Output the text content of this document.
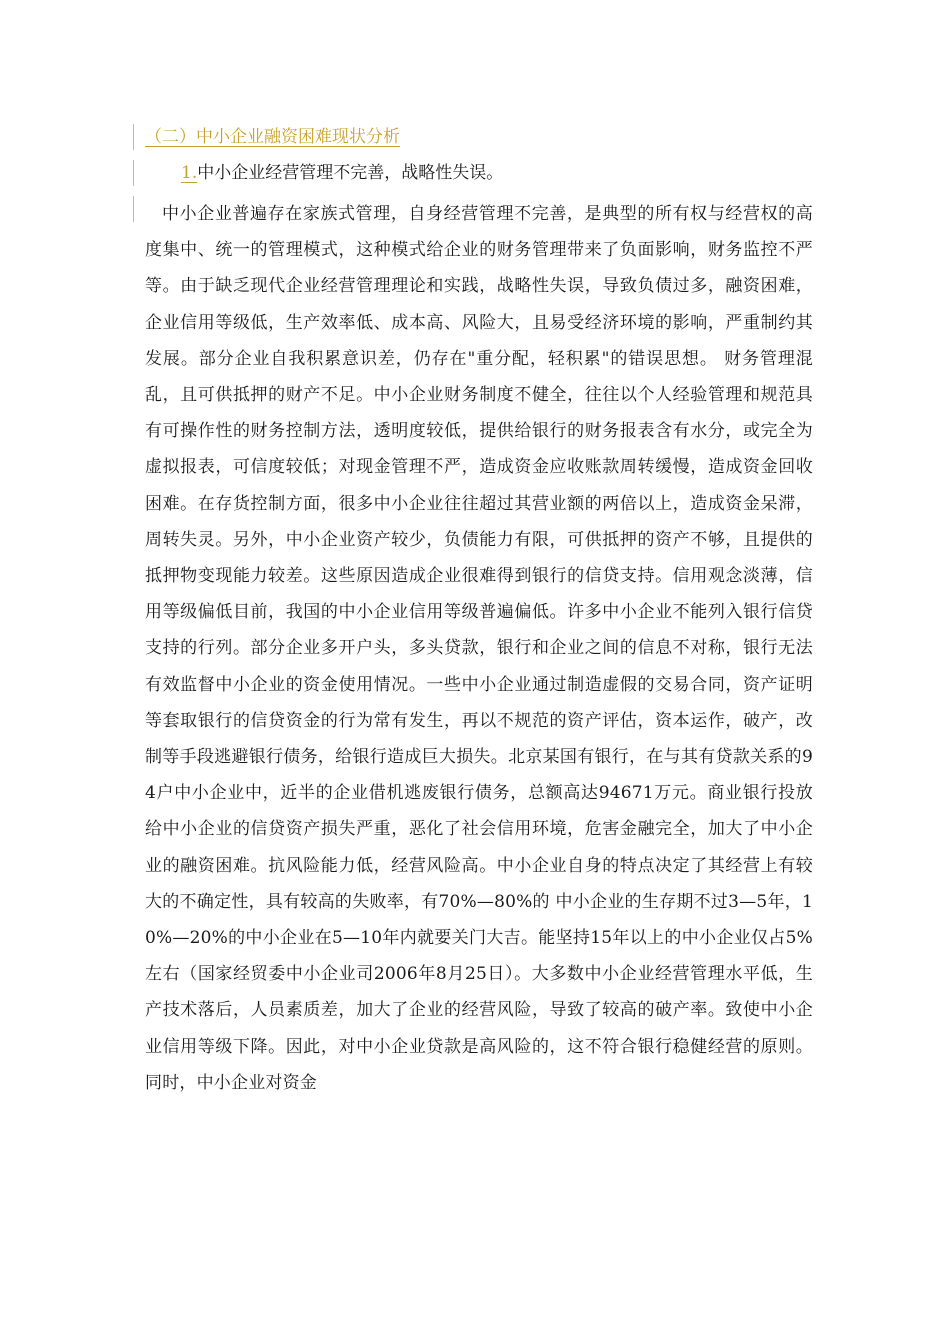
（二）中小企业融资困难现状分析
1.中小企业经营管理不完善，战略性失误。

中小企业普遍存在家族式管理，自身经营管理不完善，是典型的所有权与经营权的高度集中、统一的管理模式，这种模式给企业的财务管理带来了负面影响，财务监控不严等。由于缺乏现代企业经营管理理论和实践，战略性失误，导致负债过多，融资困难，企业信用等级低，生产效率低、成本高、风险大，且易受经济环境的影响，严重制约其发展。部分企业自我积累意识差，仍存在"重分配，轻积累"的错误思想。 财务管理混乱，且可供抵押的财产不足。中小企业财务制度不健全，往往以个人经验管理和规范具有可操作性的财务控制方法，透明度较低，提供给银行的财务报表含有水分，或完全为虚拟报表，可信度较低；对现金管理不严，造成资金应收账款周转缓慢，造成资金回收困难。在存货控制方面，很多中小企业往往超过其营业额的两倍以上，造成资金呆滞，周转失灵。另外，中小企业资产较少，负债能力有限，可供抵押的资产不够，且提供的抵押物变现能力较差。这些原因造成企业很难得到银行的信贷支持。信用观念淡薄，信用等级偏低目前，我国的中小企业信用等级普遍偏低。许多中小企业不能列入银行信贷支持的行列。部分企业多开户头，多头贷款，银行和企业之间的信息不对称，银行无法有效监督中小企业的资金使用情况。一些中小企业通过制造虚假的交易合同，资产证明等套取银行的信贷资金的行为常有发生，再以不规范的资产评估，资本运作，破产，改制等手段逃避银行债务，给银行造成巨大损失。北京某国有银行，在与其有贷款关系的94户中小企业中，近半的企业借机逃废银行债务，总额高达94671万元。商业银行投放给中小企业的信贷资产损失严重，恶化了社会信用环境，危害金融完全，加大了中小企业的融资困难。抗风险能力低，经营风险高。中小企业自身的特点决定了其经营上有较大的不确定性，具有较高的失败率，有70%—80%的 中小企业的生存期不过3—5年，10%—20%的中小企业在5—10年内就要关门大吉。能坚持15年以上的中小企业仅占5%左右（国家经贸委中小企业司2006年8月25日）。大多数中小企业经营管理水平低，生产技术落后，人员素质差，加大了企业的经营风险，导致了较高的破产率。致使中小企业信用等级下降。因此，对中小企业贷款是高风险的，这不符合银行稳健经营的原则。同时，中小企业对资金
